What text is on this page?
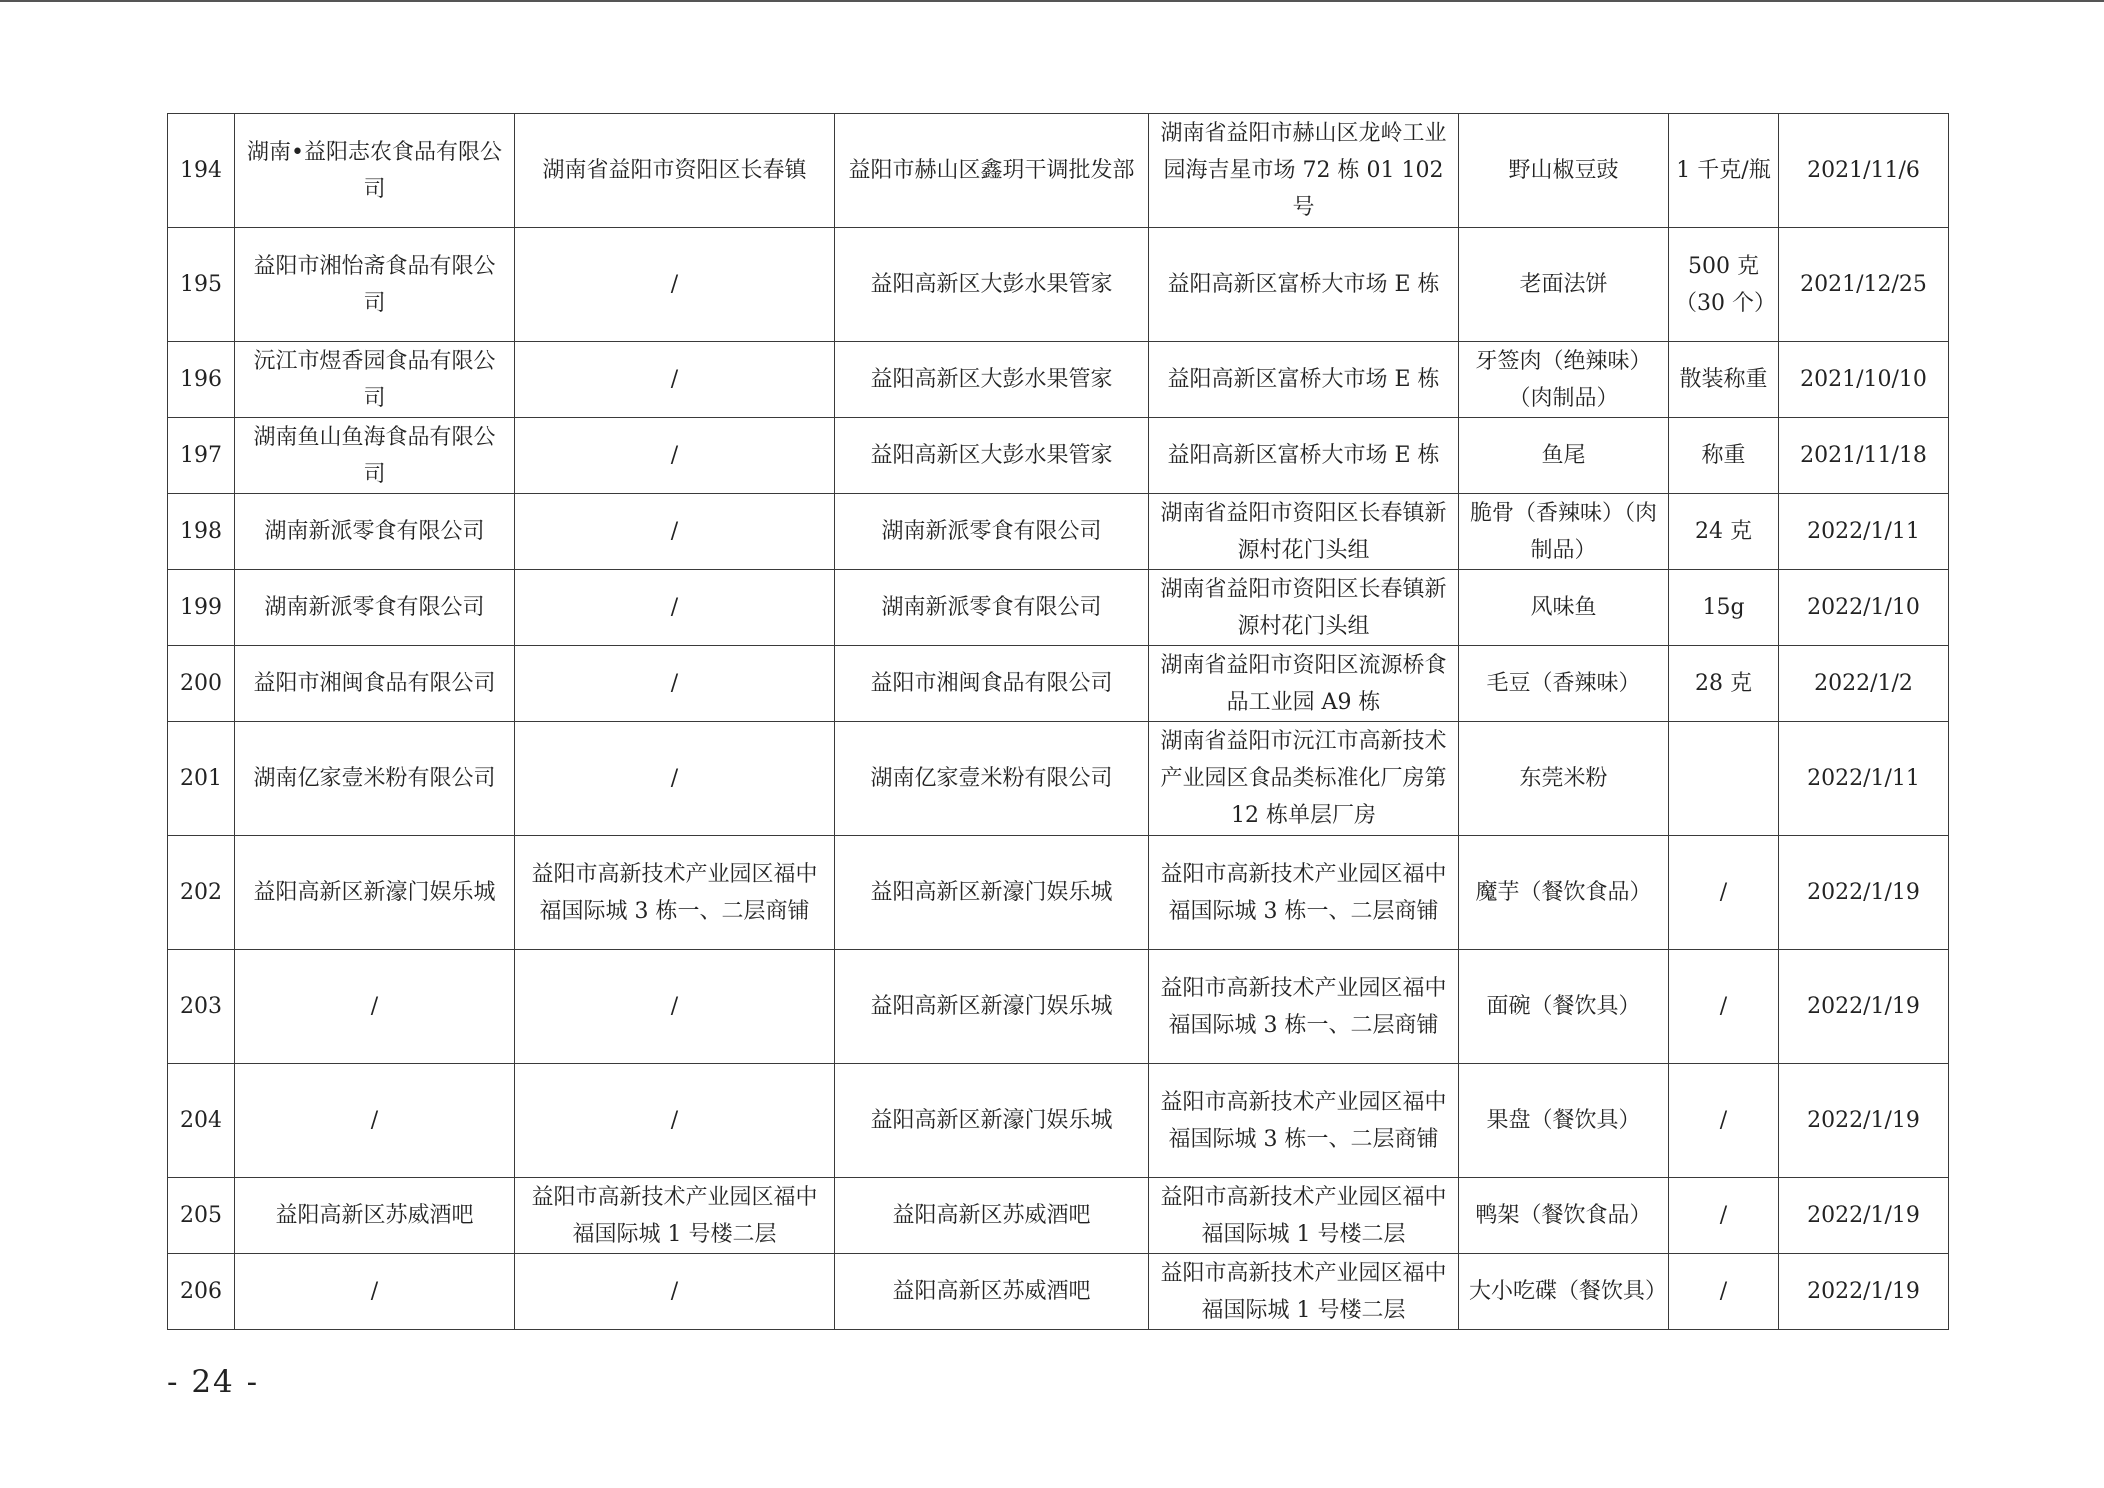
194	湖南•益阳志农食品有限公司	湖南省益阳市资阳区长春镇	益阳市赫山区鑫玥干调批发部	湖南省益阳市赫山区龙岭工业园海吉星市场 72 栋 01 102 号	野山椒豆豉	1 千克/瓶	2021/11/6
195	益阳市湘怡斋食品有限公司	/	益阳高新区大彭水果管家	益阳高新区富桥大市场 E 栋	老面法饼	500 克（30 个）	2021/12/25
196	沅江市煜香园食品有限公司	/	益阳高新区大彭水果管家	益阳高新区富桥大市场 E 栋	牙签肉（绝辣味）（肉制品）	散装称重	2021/10/10
197	湖南鱼山鱼海食品有限公司	/	益阳高新区大彭水果管家	益阳高新区富桥大市场 E 栋	鱼尾	称重	2021/11/18
198	湖南新派零食有限公司	/	湖南新派零食有限公司	湖南省益阳市资阳区长春镇新源村花门头组	脆骨（香辣味）（肉制品）	24 克	2022/1/11
199	湖南新派零食有限公司	/	湖南新派零食有限公司	湖南省益阳市资阳区长春镇新源村花门头组	风味鱼	15g	2022/1/10
200	益阳市湘闽食品有限公司	/	益阳市湘闽食品有限公司	湖南省益阳市资阳区流源桥食品工业园 A9 栋	毛豆（香辣味）	28 克	2022/1/2
201	湖南亿家壹米粉有限公司	/	湖南亿家壹米粉有限公司	湖南省益阳市沅江市高新技术产业园区食品类标准化厂房第 12 栋单层厂房	东莞米粉		2022/1/11
202	益阳高新区新濠门娱乐城	益阳市高新技术产业园区福中福国际城 3 栋一、二层商铺	益阳高新区新濠门娱乐城	益阳市高新技术产业园区福中福国际城 3 栋一、二层商铺	魔芋（餐饮食品）	/	2022/1/19
203	/	/	益阳高新区新濠门娱乐城	益阳市高新技术产业园区福中福国际城 3 栋一、二层商铺	面碗（餐饮具）	/	2022/1/19
204	/	/	益阳高新区新濠门娱乐城	益阳市高新技术产业园区福中福国际城 3 栋一、二层商铺	果盘（餐饮具）	/	2022/1/19
205	益阳高新区苏威酒吧	益阳市高新技术产业园区福中福国际城 1 号楼二层	益阳高新区苏威酒吧	益阳市高新技术产业园区福中福国际城 1 号楼二层	鸭架（餐饮食品）	/	2022/1/19
206	/	/	益阳高新区苏威酒吧	益阳市高新技术产业园区福中福国际城 1 号楼二层	大小吃碟（餐饮具）	/	2022/1/19
- 24 -
